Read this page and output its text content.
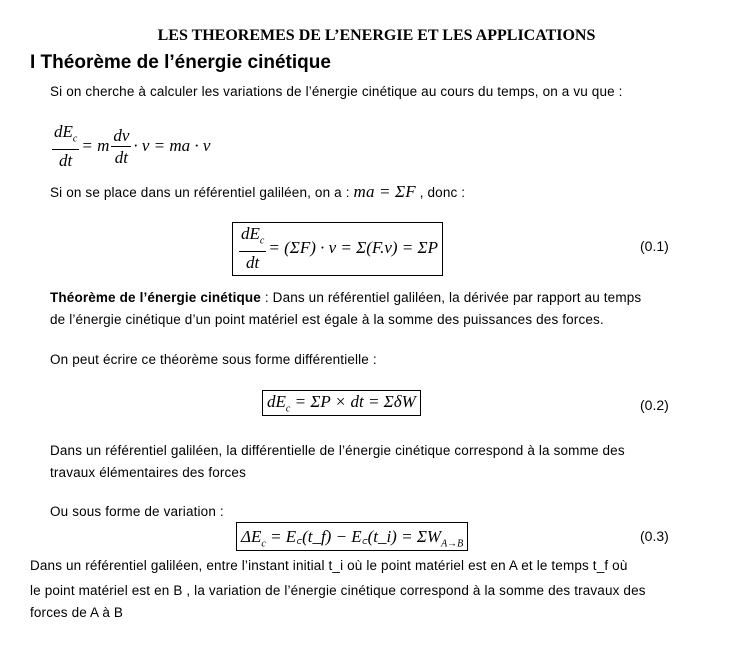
LES THEOREMES DE L’ENERGIE ET LES APPLICATIONS
I Théorème de l’énergie cinétique
Si on cherche à calculer les variations de l’énergie cinétique au cours du temps, on a vu que :
$\frac{dE_c}{dt} = m \frac{dv}{dt} \cdot v$ = ma · v
Si on se place dans un référentiel galiléen, on a : ma = ΣF , donc :
$\frac{dE_c}{dt} = (\Sigma F) \cdot v = \Sigma(F.v) = \Sigma P$	(0.1)
Théorème de l’énergie cinétique : Dans un référentiel galiléen, la dérivée par rapport au temps
de l’énergie cinétique d’un point matériel est égale à la somme des puissances des forces.
On peut écrire ce théorème sous forme différentielle :
$dE_c = \Sigma P$ × dt = ΣδW	(0.2)
Dans un référentiel galiléen, la différentielle de l’énergie cinétique correspond à la somme des
travaux élémentaires des forces
Ou sous forme de variation :
$\Delta E_c$ = E꜀(t_f) − E꜀(t_i) = $\Sigma W_{A\to B}$	(0.3)
Dans un référentiel galiléen, entre l’instant initial t_i où le point matériel est en A et le temps t_f où
le point matériel est en B , la variation de l’énergie cinétique correspond à la somme des travaux des
forces de A à B
